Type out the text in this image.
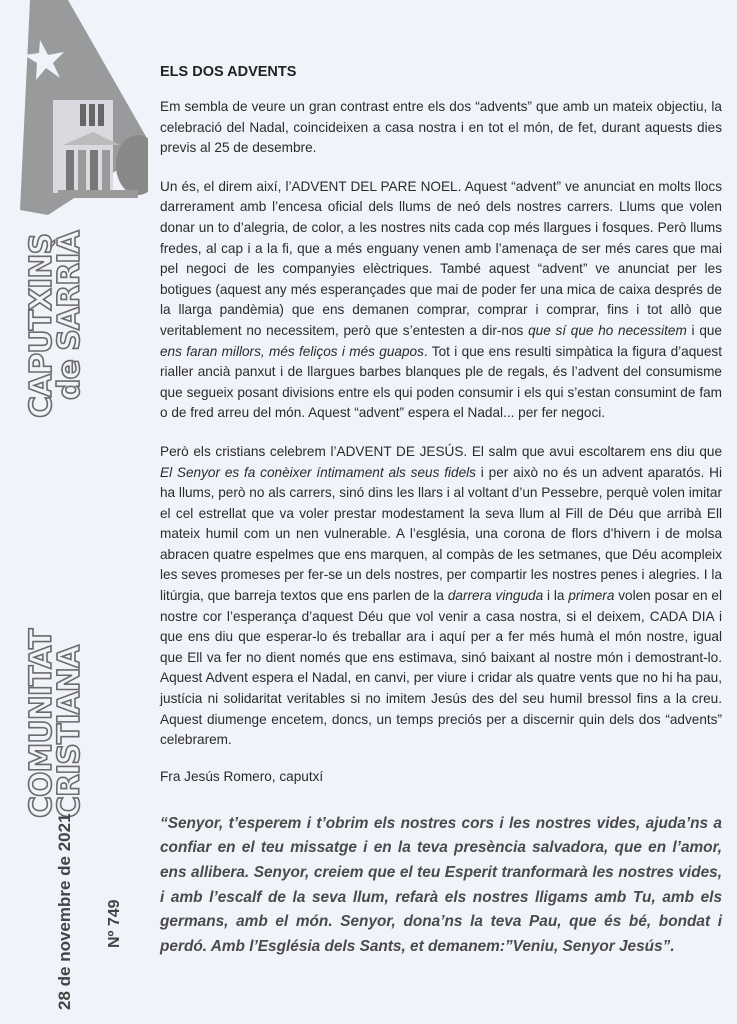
CAPUTXINS
de SARRIÀ
COMUNITAT
CRISTIANA
28 de novembre de 2021 Nº 749
ELS DOS ADVENTS

Em sembla de veure un gran contrast entre els dos “advents” que amb un mateix objectiu, la celebració del Nadal, coincideixen a casa nostra i en tot el món, de fet, durant aquests dies previs al 25 de desembre.

Un és, el direm així, l’ADVENT DEL PARE NOEL. Aquest “advent” ve anunciat en molts llocs darrerament amb l’encesa oficial dels llums de neó dels nostres carrers. Llums que volen donar un to d’alegria, de color, a les nostres nits cada cop més llargues i fosques. Però llums fredes, al cap i a la fi, que a més enguany venen amb l’amenaça de ser més cares que mai pel negoci de les companyies elèctriques. També aquest “advent” ve anunciat per les botigues (aquest any més esperançades que mai de poder fer una mica de caixa després de la llarga pandèmia) que ens demanen comprar, comprar i comprar, fins i tot allò que veritablement no necessitem, però que s’entesten a dir-nos que sí que ho necessitem i que ens faran millors, més feliços i més guapos. Tot i que ens resulti simpàtica la figura d’aquest rialler ancià panxut i de llargues barbes blanques ple de regals, és l’advent del consumisme que segueix posant divisions entre els qui poden consumir i els qui s’estan consumint de fam o de fred arreu del món. Aquest “advent” espera el Nadal... per fer negoci.

Però els cristians celebrem l’ADVENT DE JESÚS. El salm que avui escoltarem ens diu que El Senyor es fa conèixer íntimament als seus fidels i per això no és un advent aparatós. Hi ha llums, però no als carrers, sinó dins les llars i al voltant d’un Pessebre, perquè volen imitar el cel estrellat que va voler prestar modestament la seva llum al Fill de Déu que arribà Ell mateix humil com un nen vulnerable. A l’església, una corona de flors d’hivern i de molsa abracen quatre espelmes que ens marquen, al compàs de les setmanes, que Déu acompleix les seves promeses per fer-se un dels nostres, per compartir les nostres penes i alegries. I la litúrgia, que barreja textos que ens parlen de la darrera vinguda i la primera volen posar en el nostre cor l’esperança d’aquest Déu que vol venir a casa nostra, si el deixem, CADA DIA i que ens diu que esperar-lo és treballar ara i aquí per a fer més humà el món nostre, igual que Ell va fer no dient només que ens estimava, sinó baixant al nostre món i demostrant-lo. Aquest Advent espera el Nadal, en canvi, per viure i cridar als quatre vents que no hi ha pau, justícia ni solidaritat veritables si no imitem Jesús des del seu humil bressol fins a la creu. Aquest diumenge encetem, doncs, un temps preciós per a discernir quin dels dos “advents” celebrarem.

Fra Jesús Romero, caputxí

“Senyor, t’esperem i t’obrim els nostres cors i les nostres vides, ajuda’ns a confiar en el teu missatge i en la teva presència salvadora, que en l’amor, ens allibera. Senyor, creiem que el teu Esperit tranformarà les nostres vides, i amb l’escalf de la seva llum, refarà els nostres lligams amb Tu, amb els germans, amb el món. Senyor, dona’ns la teva Pau, que és bé, bondat i perdó. Amb l’Església dels Sants, et demanem:”Veniu, Senyor Jesús”.
